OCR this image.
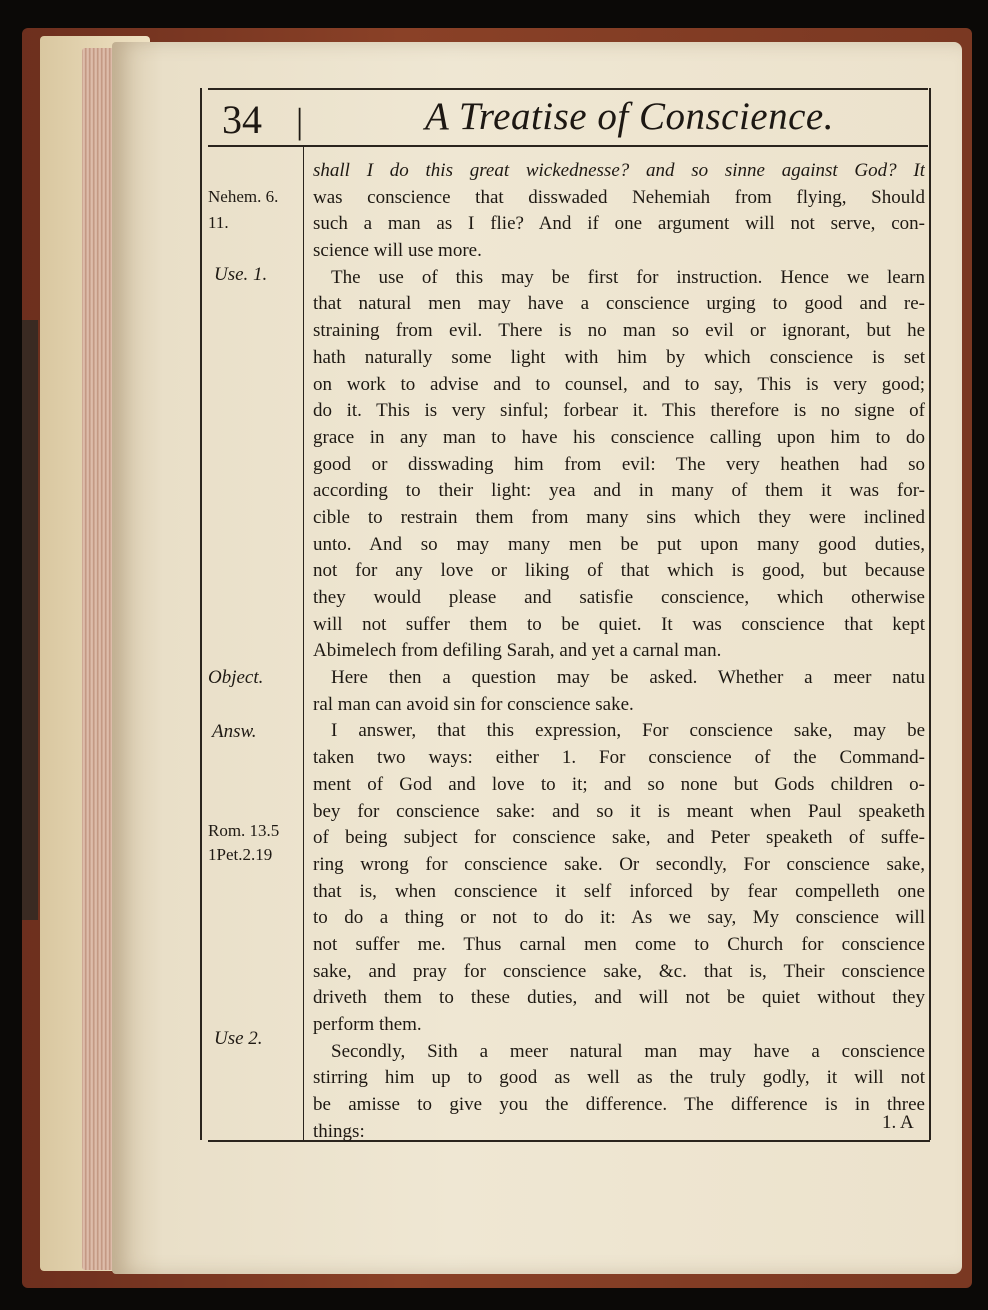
34 |	A Treatise of Conscience.
Nehem. 6.
11.
Use. 1.
Object.
Answ.
Rom. 13.5
1Pet.2.19
Use 2.
shall I do this great wickednesse? and so sinne against God? It
was conscience that disswaded Nehemiah from flying, Should
such a man as I flie? And if one argument will not serve, con-
science will use more.
The use of this may be first for instruction. Hence we learn
that natural men may have a conscience urging to good and re-
straining from evil. There is no man so evil or ignorant, but he
hath naturally some light with him by which conscience is set
on work to advise and to counsel, and to say, This is very good;
do it. This is very sinful; forbear it. This therefore is no signe of
grace in any man to have his conscience calling upon him to do
good or disswading him from evil: The very heathen had so
according to their light: yea and in many of them it was for-
cible to restrain them from many sins which they were inclined
unto. And so may many men be put upon many good duties,
not for any love or liking of that which is good, but because
they would please and satisfie conscience, which otherwise
will not suffer them to be quiet. It was conscience that kept
Abimelech from defiling Sarah, and yet a carnal man.
Here then a question may be asked. Whether a meer natu
ral man can avoid sin for conscience sake.
I answer, that this expression, For conscience sake, may be
taken two ways: either 1. For conscience of the Command-
ment of God and love to it; and so none but Gods children o-
bey for conscience sake: and so it is meant when Paul speaketh
of being subject for conscience sake, and Peter speaketh of suffe-
ring wrong for conscience sake. Or secondly, For conscience sake,
that is, when conscience it self inforced by fear compelleth one
to do a thing or not to do it: As we say, My conscience will
not suffer me. Thus carnal men come to Church for conscience
sake, and pray for conscience sake, &c. that is, Their conscience
driveth them to these duties, and will not be quiet without they
perform them.
Secondly, Sith a meer natural man may have a conscience
stirring him up to good as well as the truly godly, it will not
be amisse to give you the difference. The difference is in three
things:	1. A
